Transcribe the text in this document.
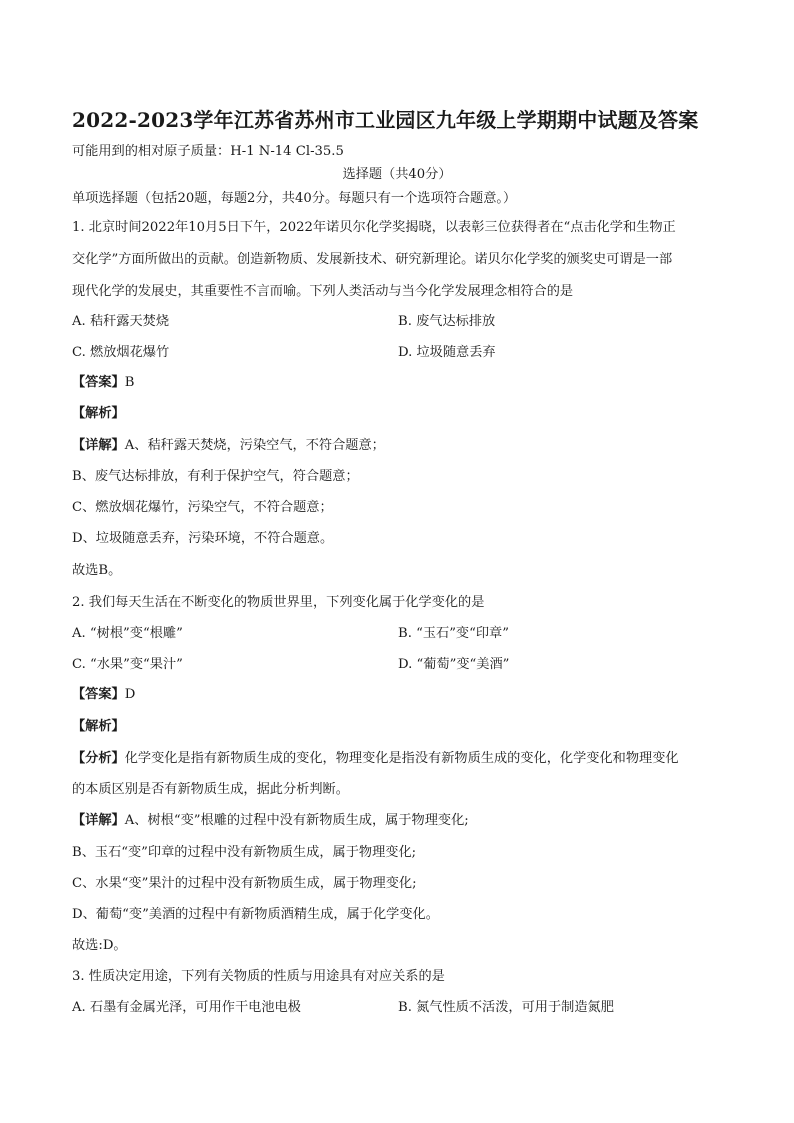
2022-2023学年江苏省苏州市工业园区九年级上学期期中试题及答案
可能用到的相对原子质量：H-1 N-14 Cl-35.5
选择题（共40分）
单项选择题（包括20题，每题2分，共40分。每题只有一个选项符合题意。）
1. 北京时间2022年10月5日下午，2022年诺贝尔化学奖揭晓，以表彰三位获得者在“点击化学和生物正
交化学”方面所做出的贡献。创造新物质、发展新技术、研究新理论。诺贝尔化学奖的颁奖史可谓是一部
现代化学的发展史，其重要性不言而喻。下列人类活动与当今化学发展理念相符合的是
A. 秸秆露天焚烧	B. 废气达标排放
C. 燃放烟花爆竹	D. 垃圾随意丢弃
【答案】B
【解析】
【详解】A、秸秆露天焚烧，污染空气，不符合题意；
B、废气达标排放，有利于保护空气，符合题意；
C、燃放烟花爆竹，污染空气，不符合题意；
D、垃圾随意丢弃，污染环境，不符合题意。
故选B。
2. 我们每天生活在不断变化的物质世界里，下列变化属于化学变化的是
A. “树根”变“根雕”	B. “玉石”变“印章”
C. “水果”变“果汁”	D. “葡萄”变“美酒”
【答案】D
【解析】
【分析】化学变化是指有新物质生成的变化，物理变化是指没有新物质生成的变化，化学变化和物理变化
的本质区别是否有新物质生成，据此分析判断。
【详解】A、树根“变”根雕的过程中没有新物质生成，属于物理变化;
B、玉石“变”印章的过程中没有新物质生成，属于物理变化;
C、水果“变”果汁的过程中没有新物质生成，属于物理变化;
D、葡萄“变”美酒的过程中有新物质酒精生成，属于化学变化。
故选:D。
3. 性质决定用途，下列有关物质的性质与用途具有对应关系的是
A. 石墨有金属光泽，可用作干电池电极	B. 氮气性质不活泼，可用于制造氮肥
